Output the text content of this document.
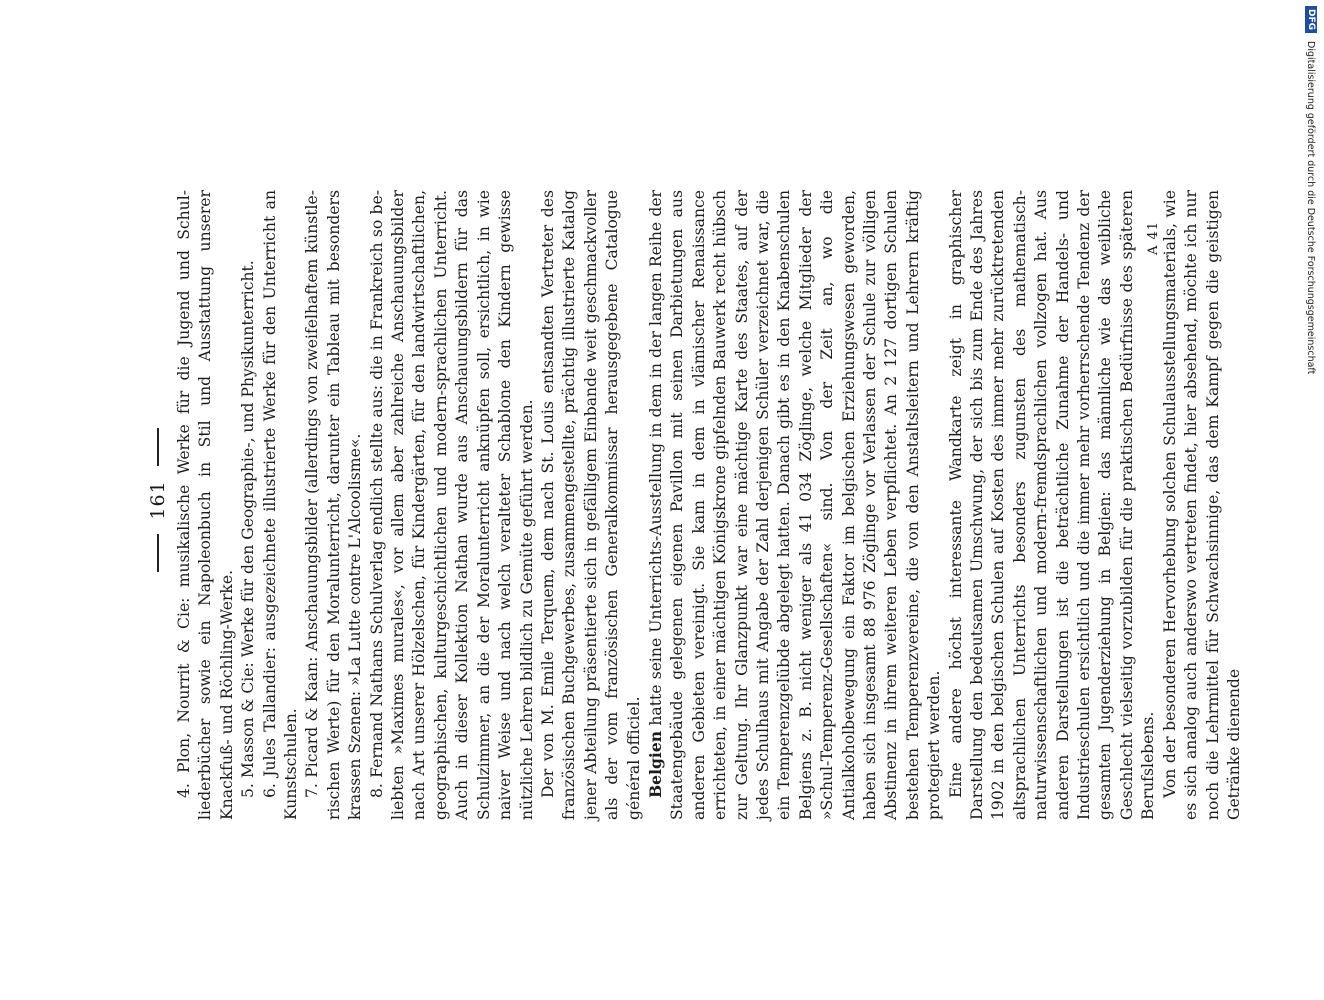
161 4. Plon, Nourrit & Cie: musikalische Werke für die Jugend und Schulliederbücher sowie ein Napoleonbuch in Stil und Ausstattung unserer Knackfuß- und Röchling-Werke. 5. Masson & Cie: Werke für den Geographie-, und Physikunterricht. 6. Jules Tallandier: ausgezeichnete illustrierte Werke für den Unterricht an Kunstschulen. 7. Picard & Kaan: Anschauungsbilder (allerdings von zweifelhaftem künstlerischen Werte) für den Moralunterricht, darunter ein Tableau mit besonders krassen Szenen: »La Lutte contre L'Alcoolisme«. 8. Fernand Nathans Schulverlag endlich stellte aus: die in Frankreich so beliebten »Maximes murales«, vor allem aber zahlreiche Anschauungsbilder nach Art unserer Hölzelschen, für Kindergärten, für den landwirtschaftlichen, geographischen, kulturgeschichtlichen und modern-sprachlichen Unterricht. Auch in dieser Kollektion Nathan wurde aus Anschauungsbildern für das Schulzimmer, an die der Moralunterricht anknüpfen soll, ersichtlich, in wie naiver Weise und nach welch veralteter Schablone den Kindern gewisse nützliche Lehren bildlich zu Gemüte geführt werden. Der von M. Emile Terquem, dem nach St. Louis entsandten Vertreter des französischen Buchgewerbes, zusammengestellte, prächtig illustrierte Katalog jener Abteilung präsentierte sich in gefälligem Einbande weit geschmackvoller als der vom französischen Generalkommissar herausgegebene Catalogue général officiel. Belgien hatte seine Unterrichts-Ausstellung in dem in der langen Reihe der Staatengebäude gelegenen eigenen Pavillon mit seinen Darbietungen aus anderen Gebieten vereinigt. Sie kam in dem in vlämischer Renaissance errichteten, in einer mächtigen Königskrone gipfelnden Bauwerk recht hübsch zur Geltung. Ihr Glanzpunkt war eine mächtige Karte des Staates, auf der jedes Schulhaus mit Angabe der Zahl derjenigen Schüler verzeichnet war, die ein Temperenzgelübde abgelegt hatten. Danach gibt es in den Knabenschulen Belgiens z. B. nicht weniger als 41 034 Zöglinge, welche Mitglieder der »Schul-Temperenz-Gesellschaften« sind. Von der Zeit an, wo die Antialkoholbewegung ein Faktor im belgischen Erziehungswesen geworden, haben sich insgesamt 88 976 Zöglinge vor Verlassen der Schule zur völligen Abstinenz in ihrem weiteren Leben verpflichtet. An 2 127 dortigen Schulen bestehen Temperenzvereine, die von den Anstaltsleitern und Lehrern kräftig protegiert werden. Eine andere höchst interessante Wandkarte zeigt in graphischer Darstellung den bedeutsamen Umschwung, der sich bis zum Ende des Jahres 1902 in den belgischen Schulen auf Kosten des immer mehr zurücktretenden altsprachlichen Unterrichts besonders zugunsten des mathematisch-naturwissenschaftlichen und modern-fremdsprachlichen vollzogen hat. Aus anderen Darstellungen ist die beträchtliche Zunahme der Handels- und Industrieschulen ersichtlich und die immer mehr vorherrschende Tendenz der gesamten Jugenderziehung in Belgien: das männliche wie das weibliche Geschlecht vielseitig vorzubilden für die praktischen Bedürfnisse des späteren Berufslebens. Von der besonderen Hervorhebung solchen Schulausstellungsmaterials, wie es sich analog auch anderswo vertreten findet, hier absehend, möchte ich nur noch die Lehrmittel für Schwachsinnige, das dem Kampf gegen die geistigen Getränke dienende

A 41
DFG
Digitalisierung gefördert durch die Deutsche Forschungsgemeinschaft
